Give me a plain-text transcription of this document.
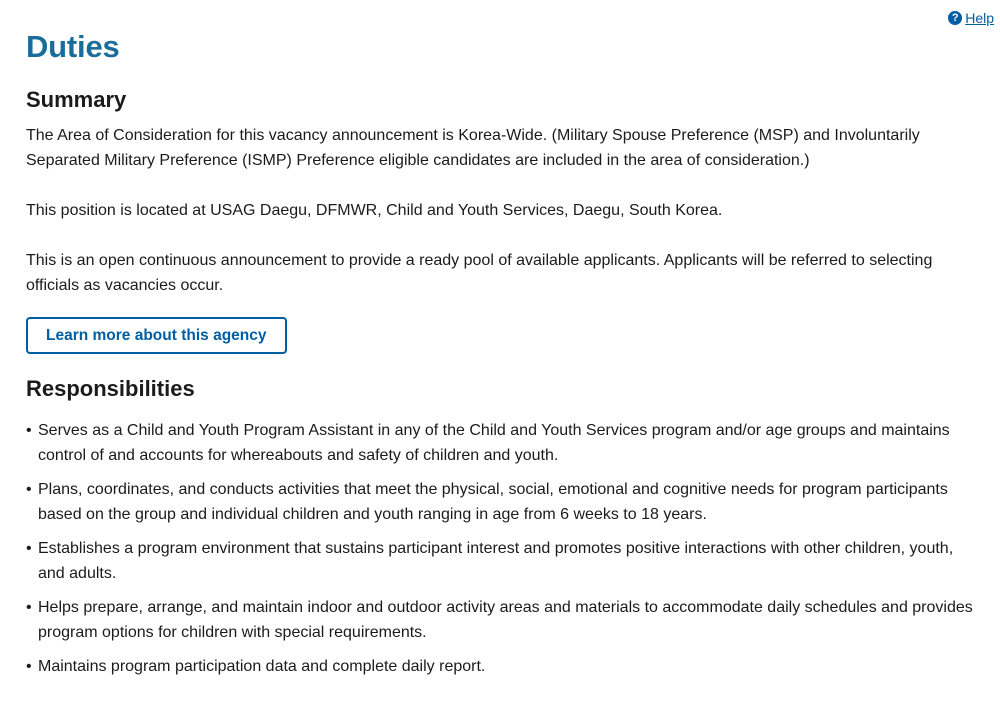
? Help
Duties
Summary

The Area of Consideration for this vacancy announcement is Korea-Wide. (Military Spouse Preference (MSP) and Involuntarily Separated Military Preference (ISMP) Preference eligible candidates are included in the area of consideration.)

This position is located at USAG Daegu, DFMWR, Child and Youth Services, Daegu, South Korea.

This is an open continuous announcement to provide a ready pool of available applicants. Applicants will be referred to selecting officials as vacancies occur.

Learn more about this agency
Responsibilities
• Serves as a Child and Youth Program Assistant in any of the Child and Youth Services program and/or age groups and maintains control of and accounts for whereabouts and safety of children and youth.
• Plans, coordinates, and conducts activities that meet the physical, social, emotional and cognitive needs for program participants based on the group and individual children and youth ranging in age from 6 weeks to 18 years.
• Establishes a program environment that sustains participant interest and promotes positive interactions with other children, youth, and adults.
• Helps prepare, arrange, and maintain indoor and outdoor activity areas and materials to accommodate daily schedules and provides program options for children with special requirements.
• Maintains program participation data and complete daily report.
